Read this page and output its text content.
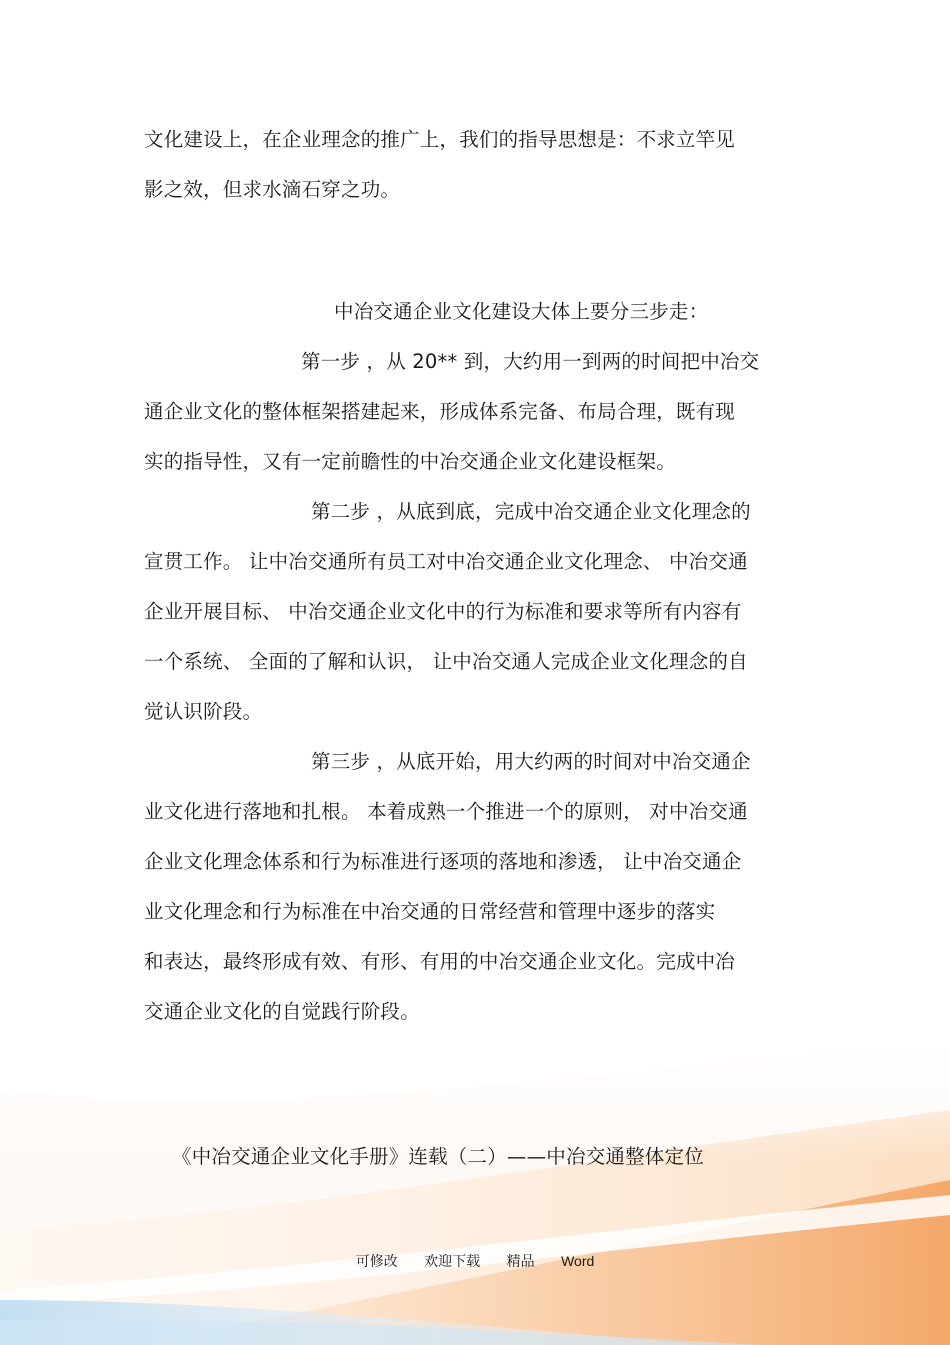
文化建设上，在企业理念的推广上，我们的指导思想是：不求立竿见
影之效，但求水滴石穿之功。
中冶交通企业文化建设大体上要分三步走：
第一步 ，从 20** 到，大约用一到两的时间把中冶交
通企业文化的整体框架搭建起来，形成体系完备、布局合理，既有现
实的指导性，又有一定前瞻性的中冶交通企业文化建设框架。
第二步 ，从底到底，完成中冶交通企业文化理念的
宣贯工作。 让中冶交通所有员工对中冶交通企业文化理念、 中冶交通
企业开展目标、 中冶交通企业文化中的行为标准和要求等所有内容有
一个系统、 全面的了解和认识， 让中冶交通人完成企业文化理念的自
觉认识阶段。
第三步 ，从底开始，用大约两的时间对中冶交通企
业文化进行落地和扎根。 本着成熟一个推进一个的原则， 对中冶交通
企业文化理念体系和行为标准进行逐项的落地和渗透， 让中冶交通企
业文化理念和行为标准在中冶交通的日常经营和管理中逐步的落实
和表达，最终形成有效、有形、有用的中冶交通企业文化。完成中冶
交通企业文化的自觉践行阶段。
《中冶交通企业文化手册》连载（二）——中冶交通整体定位
可修改 欢迎下载 精品 Word
